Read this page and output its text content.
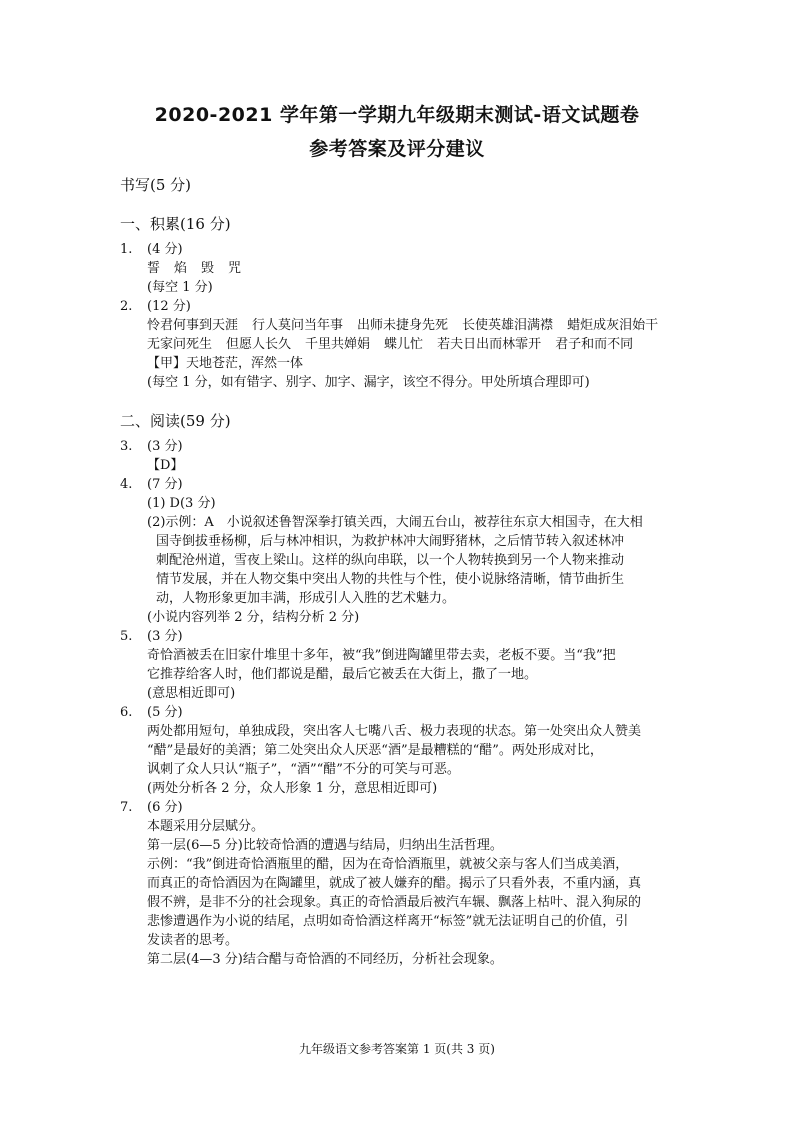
2020-2021 学年第一学期九年级期末测试-语文试题卷
参考答案及评分建议

书写(5 分)

一、积累(16 分)

1.	(4 分)

誓 焰 毁 咒

(每空 1 分)

2.	(12 分)

怜君何事到天涯 行人莫问当年事 出师未捷身先死 长使英雄泪满襟 蜡炬成灰泪始干

无家问死生 但愿人长久 千里共婵娟 蝶儿忙 若夫日出而林霏开 君子和而不同

【甲】天地苍茫，浑然一体

(每空 1 分，如有错字、别字、加字、漏字，该空不得分。甲处所填合理即可)

二、阅读(59 分)

3.	(3 分)

【D】

4.	(7 分)

(1) D(3 分)

(2)示例：A　小说叙述鲁智深拳打镇关西，大闹五台山，被荐往东京大相国寺，在大相

国寺倒拔垂杨柳，后与林冲相识，为救护林冲大闹野猪林，之后情节转入叙述林冲

刺配沧州道，雪夜上梁山。这样的纵向串联，以一个人物转换到另一个人物来推动

情节发展，并在人物交集中突出人物的共性与个性，使小说脉络清晰，情节曲折生

动，人物形象更加丰满，形成引人入胜的艺术魅力。

(小说内容列举 2 分，结构分析 2 分)

5.	(3 分)

奇恰酒被丢在旧家什堆里十多年，被“我”倒进陶罐里带去卖，老板不要。当“我”把

它推荐给客人时，他们都说是醋，最后它被丢在大街上，撒了一地。

(意思相近即可)

6.	(5 分)

两处都用短句，单独成段，突出客人七嘴八舌、极力表现的状态。第一处突出众人赞美

“醋”是最好的美酒；第二处突出众人厌恶“酒”是最糟糕的“醋”。两处形成对比，

讽刺了众人只认“瓶子”，“酒”“醋”不分的可笑与可恶。

(两处分析各 2 分，众人形象 1 分，意思相近即可)

7.	(6 分)

本题采用分层赋分。

第一层(6—5 分)比较奇恰酒的遭遇与结局，归纳出生活哲理。

示例：“我”倒进奇恰酒瓶里的醋，因为在奇恰酒瓶里，就被父亲与客人们当成美酒，

而真正的奇恰酒因为在陶罐里，就成了被人嫌弃的醋。揭示了只看外表，不重内涵，真

假不辨，是非不分的社会现象。真正的奇恰酒最后被汽车辗、飘落上枯叶、混入狗尿的

悲惨遭遇作为小说的结尾，点明如奇恰酒这样离开“标签”就无法证明自己的价值，引

发读者的思考。

第二层(4—3 分)结合醋与奇恰酒的不同经历，分析社会现象。

九年级语文参考答案第 1 页(共 3 页)
